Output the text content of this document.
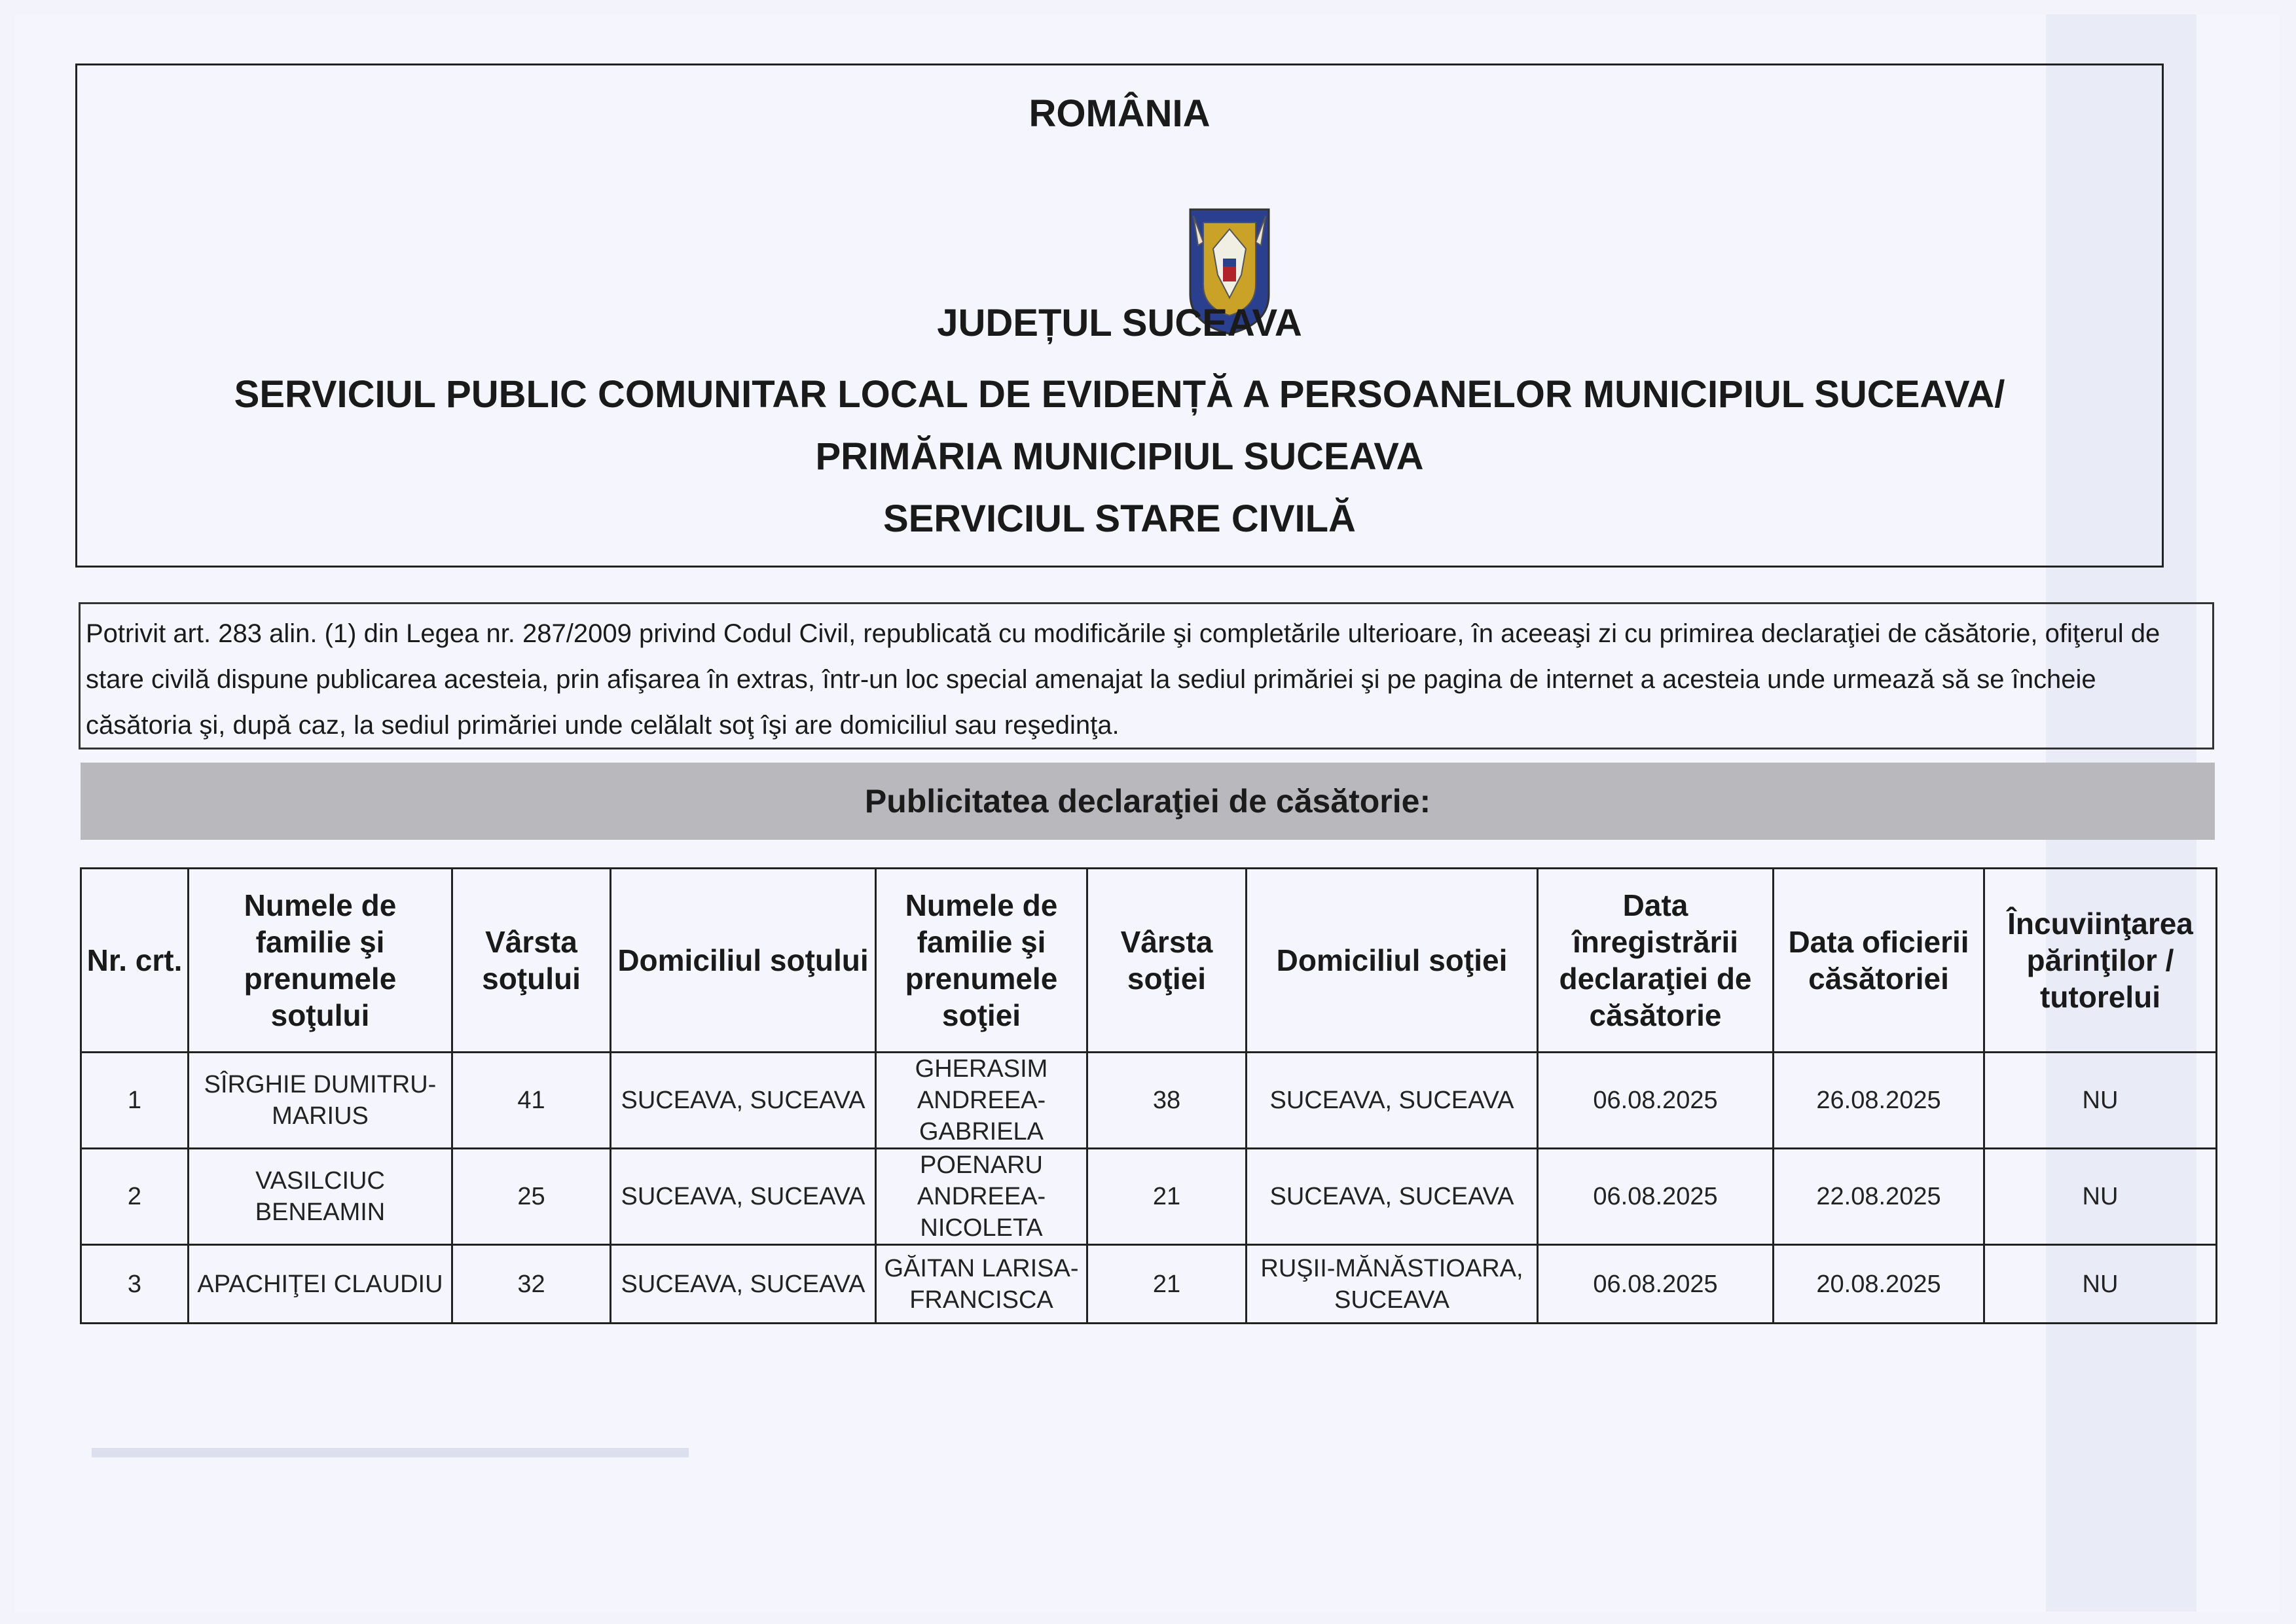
▬▬▬▬▬▬▬▬▬▬▬▬▬▬▬▬▬▬▬
ROMÂNIA
JUDEȚUL SUCEAVA
SERVICIUL PUBLIC COMUNITAR LOCAL DE EVIDENȚĂ A PERSOANELOR MUNICIPIUL SUCEAVA/
PRIMĂRIA MUNICIPIUL SUCEAVA
SERVICIUL STARE CIVILĂ
Potrivit art. 283 alin. (1) din Legea nr. 287/2009 privind Codul Civil, republicată cu modificările şi completările ulterioare, în aceeaşi zi cu primirea declaraţiei de căsătorie, ofiţerul de stare civilă dispune publicarea acesteia, prin afişarea în extras, într-un loc special amenajat la sediul primăriei şi pe pagina de internet a acesteia unde urmează să se încheie căsătoria şi, după caz, la sediul primăriei unde celălalt soţ îşi are domiciliul sau reşedinţa.
Publicitatea declaraţiei de căsătorie:
Nr. crt.	Numele de familie şi prenumele soţului	Vârsta soţului	Domiciliul soţului	Numele de familie şi prenumele soţiei	Vârsta soţiei	Domiciliul soţiei	Data înregistrării declaraţiei de căsătorie	Data oficierii căsătoriei	Încuviinţarea părinţilor / tutorelui
1	SÎRGHIE DUMITRU-MARIUS	41	SUCEAVA, SUCEAVA	GHERASIM ANDREEA-GABRIELA	38	SUCEAVA, SUCEAVA	06.08.2025	26.08.2025	NU
2	VASILCIUC BENEAMIN	25	SUCEAVA, SUCEAVA	POENARU ANDREEA-NICOLETA	21	SUCEAVA, SUCEAVA	06.08.2025	22.08.2025	NU
3	APACHIŢEI CLAUDIU	32	SUCEAVA, SUCEAVA	GĂITAN LARISA-FRANCISCA	21	RUŞII-MĂNĂSTIOARA, SUCEAVA	06.08.2025	20.08.2025	NU
